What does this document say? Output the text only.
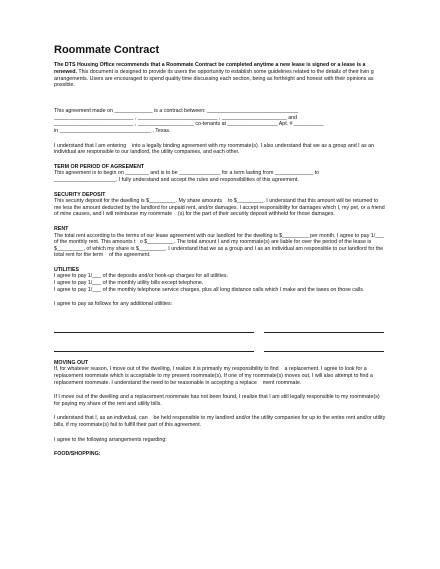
Roommate Contract
The DTS Housing Office recommends that a Roommate Contract be completed anytime a new lease is signed or a lease is a renewed. This document is designed to provide its users the opportunity to establish some guidelines related to the details of their livin g arrangements. Users are encouraged to spend quality time discussing each section, being as forthright and honest with their opinions as possible.
This agreement made on _____________ is a contract between: _______________________________
___________________________ , ___________________________ , ______________________ and
___________________________ , ___________________ co-tenants at _________________ Apt. # __________
in _______________________________ , Texas.
I understand that I am entering    into a legally binding agreement with my roommate(s). I also understand that we as a group and I as an individual are responsible to our landlord, the utility companies, and each other.
TERM OR PERIOD OF AGREEMENT
This agreement is to begin on ________ and is to be ______________ for a term lasting from _____________ to
_____________________. I fully understand and accept the rules and responsibilities of this agreement.
SECURITY DEPOSIT
This security deposit for the dwelling is $_________. My share amounts    to $_________. I understand that this amount will be returned to me less the amount deducted by the landlord for unpaid rent, and/or damages. I accept responsibility for damages which I, my pet, or a friend of mine causes, and I will reimburse my roommate    (s) for the part of their security deposit withheld for those damages.
RENT
The total rent according to the terms of our lease agreement with our landlord for the dwelling is $_________ per month. I agree to pay 1/___ of the monthly rent. This amounts t   o $_________. The total amount I and my roommate(s) are liable for over the period of the lease is $_________, of which my share is $_________. I understand that we as a group and I as an individual am responsible to our landlord for the total rent for the term    of the agreement.
UTILITIES
I agree to pay 1/___ of the deposits and/or hook-up charges for all utilities.
I agree to pay 1/___ of the monthly utility bills except telephone.
I agree to pay 1/___ of the monthly telephone service charges, plus all long distance calls which I make and the taxes on those calls.
I agree to pay as follows for any additional utilities:
MOVING OUT
If, for whatever reason, I move out of the dwelling, I realize it is primarily my responsibility to find    a replacement. I agree to look for a replacement roommate which is acceptable to my present roommate(s). If one of my roommate(s) moves out, I will also attempt to find a replacement roommate. I understand the need to be reasonable in accepting a replace    ment roommate.
If I move out of the dwelling and a replacement roommate has not been found, I realize that I am still legally responsible to my roommate(s) for paying my share of the rent and utility bills.
I understand that I, as an individual, can    be held responsible to my landlord and/or the utility companies for up to the entire rent and/or utility bills, if my roommate(s) fail to fulfill their part of this agreement.
I agree to the following arrangements regarding:
FOOD/SHOPPING:
